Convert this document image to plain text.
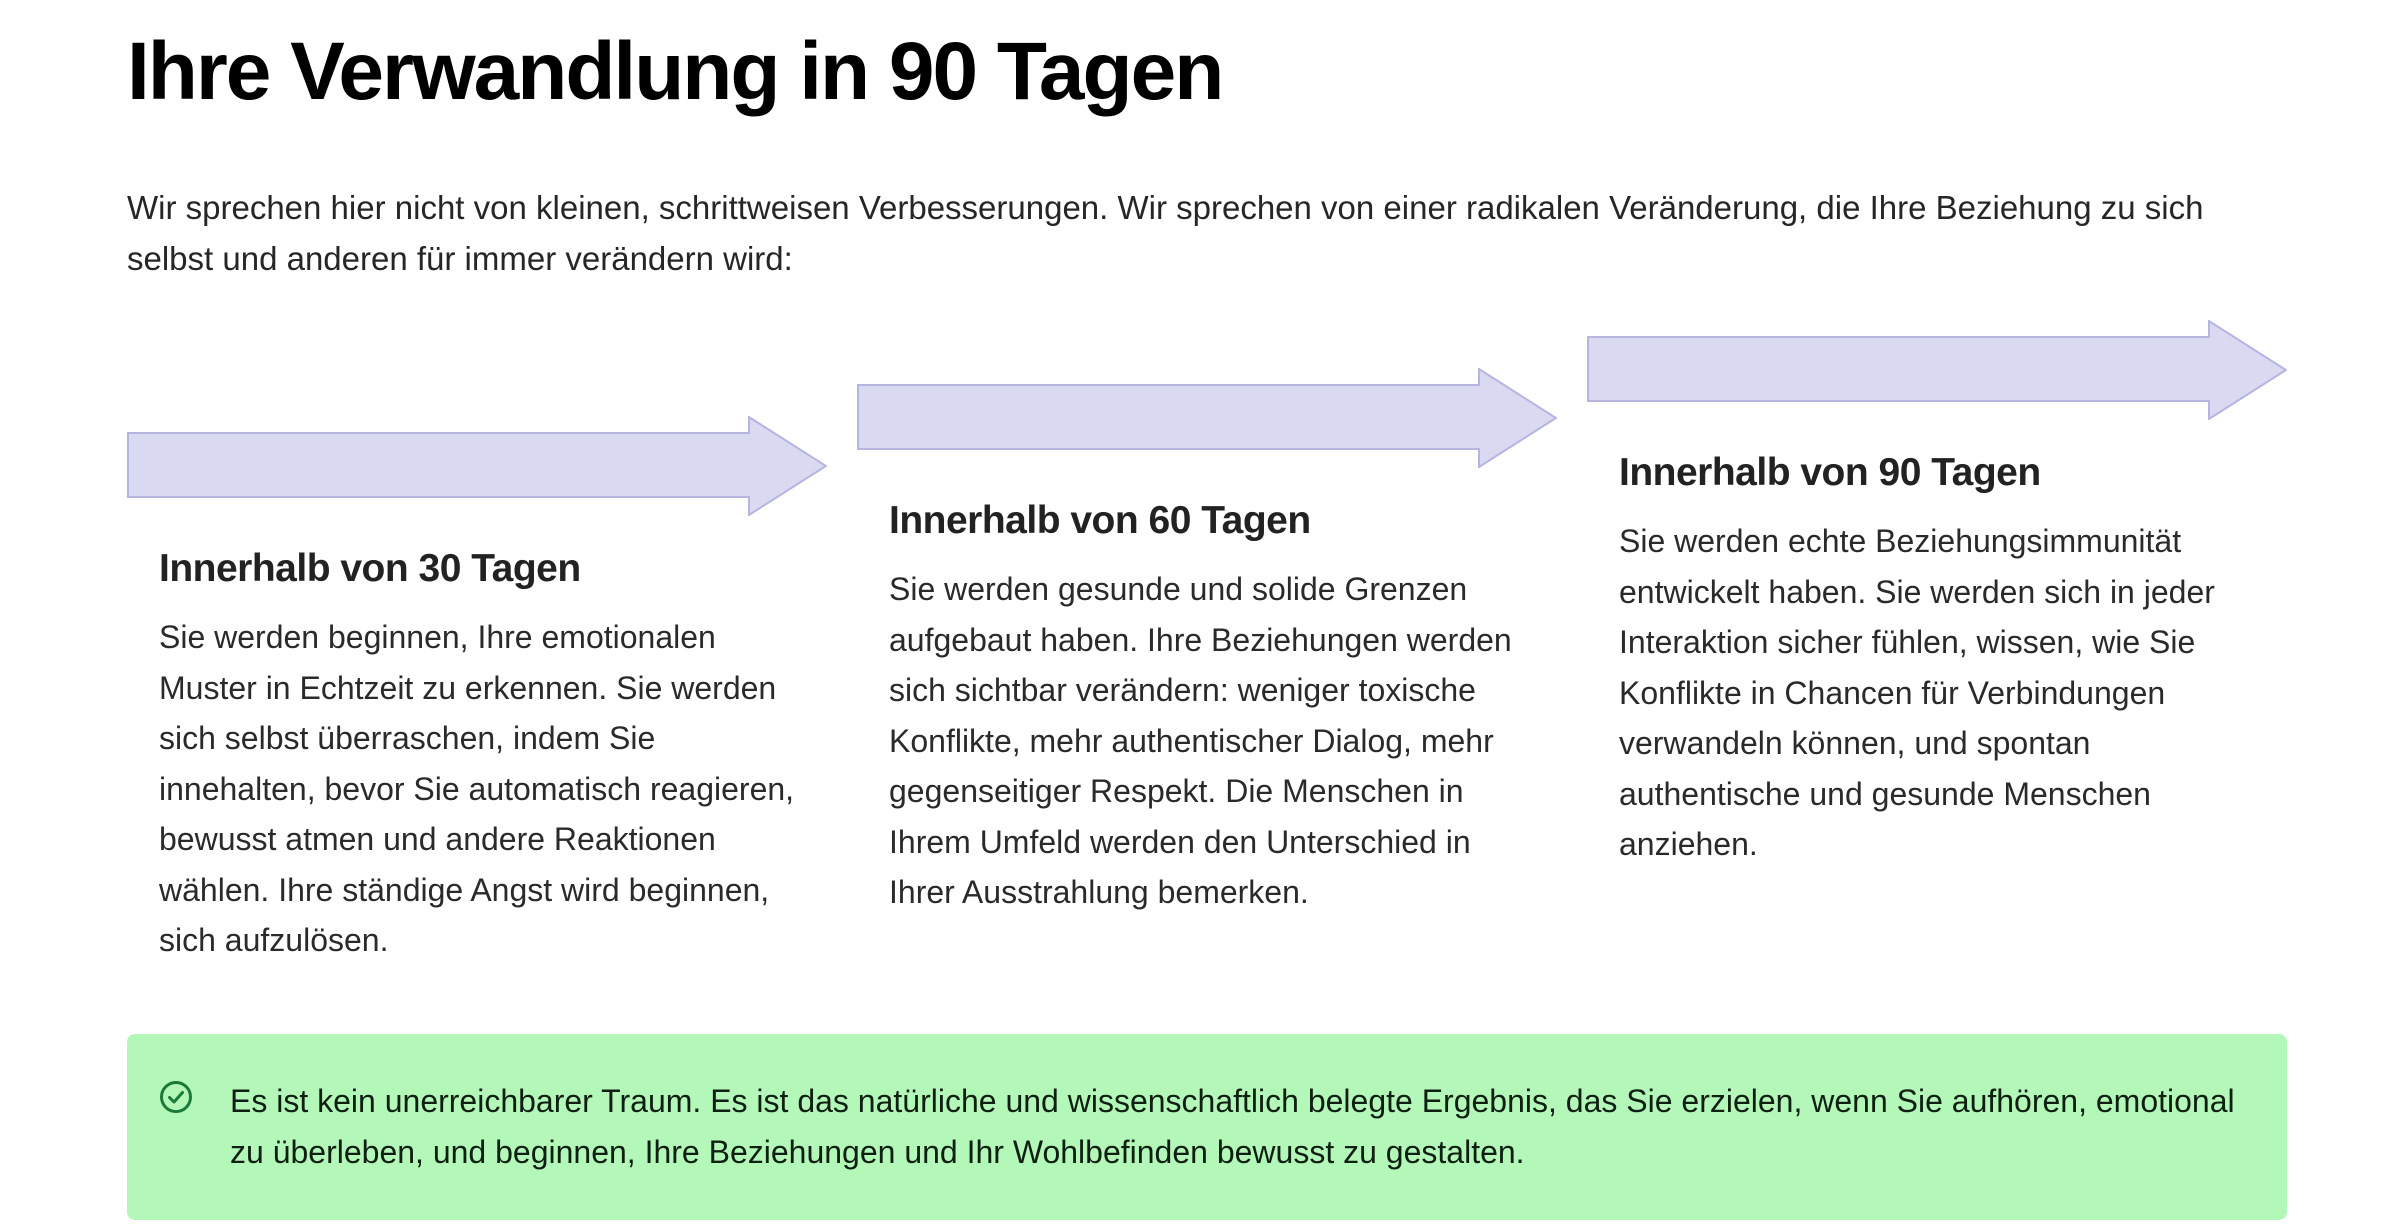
Ihre Verwandlung in 90 Tagen

Wir sprechen hier nicht von kleinen, schrittweisen Verbesserungen. Wir sprechen von einer radikalen Veränderung, die Ihre Beziehung zu sich selbst und anderen für immer verändern wird:

Innerhalb von 30 Tagen

Sie werden beginnen, Ihre emotionalen Muster in Echtzeit zu erkennen. Sie werden sich selbst überraschen, indem Sie innehalten, bevor Sie automatisch reagieren, bewusst atmen und andere Reaktionen wählen. Ihre ständige Angst wird beginnen, sich aufzulösen.

Innerhalb von 60 Tagen

Sie werden gesunde und solide Grenzen aufgebaut haben. Ihre Beziehungen werden sich sichtbar verändern: weniger toxische Konflikte, mehr authentischer Dialog, mehr gegenseitiger Respekt. Die Menschen in Ihrem Umfeld werden den Unterschied in Ihrer Ausstrahlung bemerken.

Innerhalb von 90 Tagen

Sie werden echte Beziehungsimmunität entwickelt haben. Sie werden sich in jeder Interaktion sicher fühlen, wissen, wie Sie Konflikte in Chancen für Verbindungen verwandeln können, und spontan authentische und gesunde Menschen anziehen.

Es ist kein unerreichbarer Traum. Es ist das natürliche und wissenschaftlich belegte Ergebnis, das Sie erzielen, wenn Sie aufhören, emotional zu überleben, und beginnen, Ihre Beziehungen und Ihr Wohlbefinden bewusst zu gestalten.
